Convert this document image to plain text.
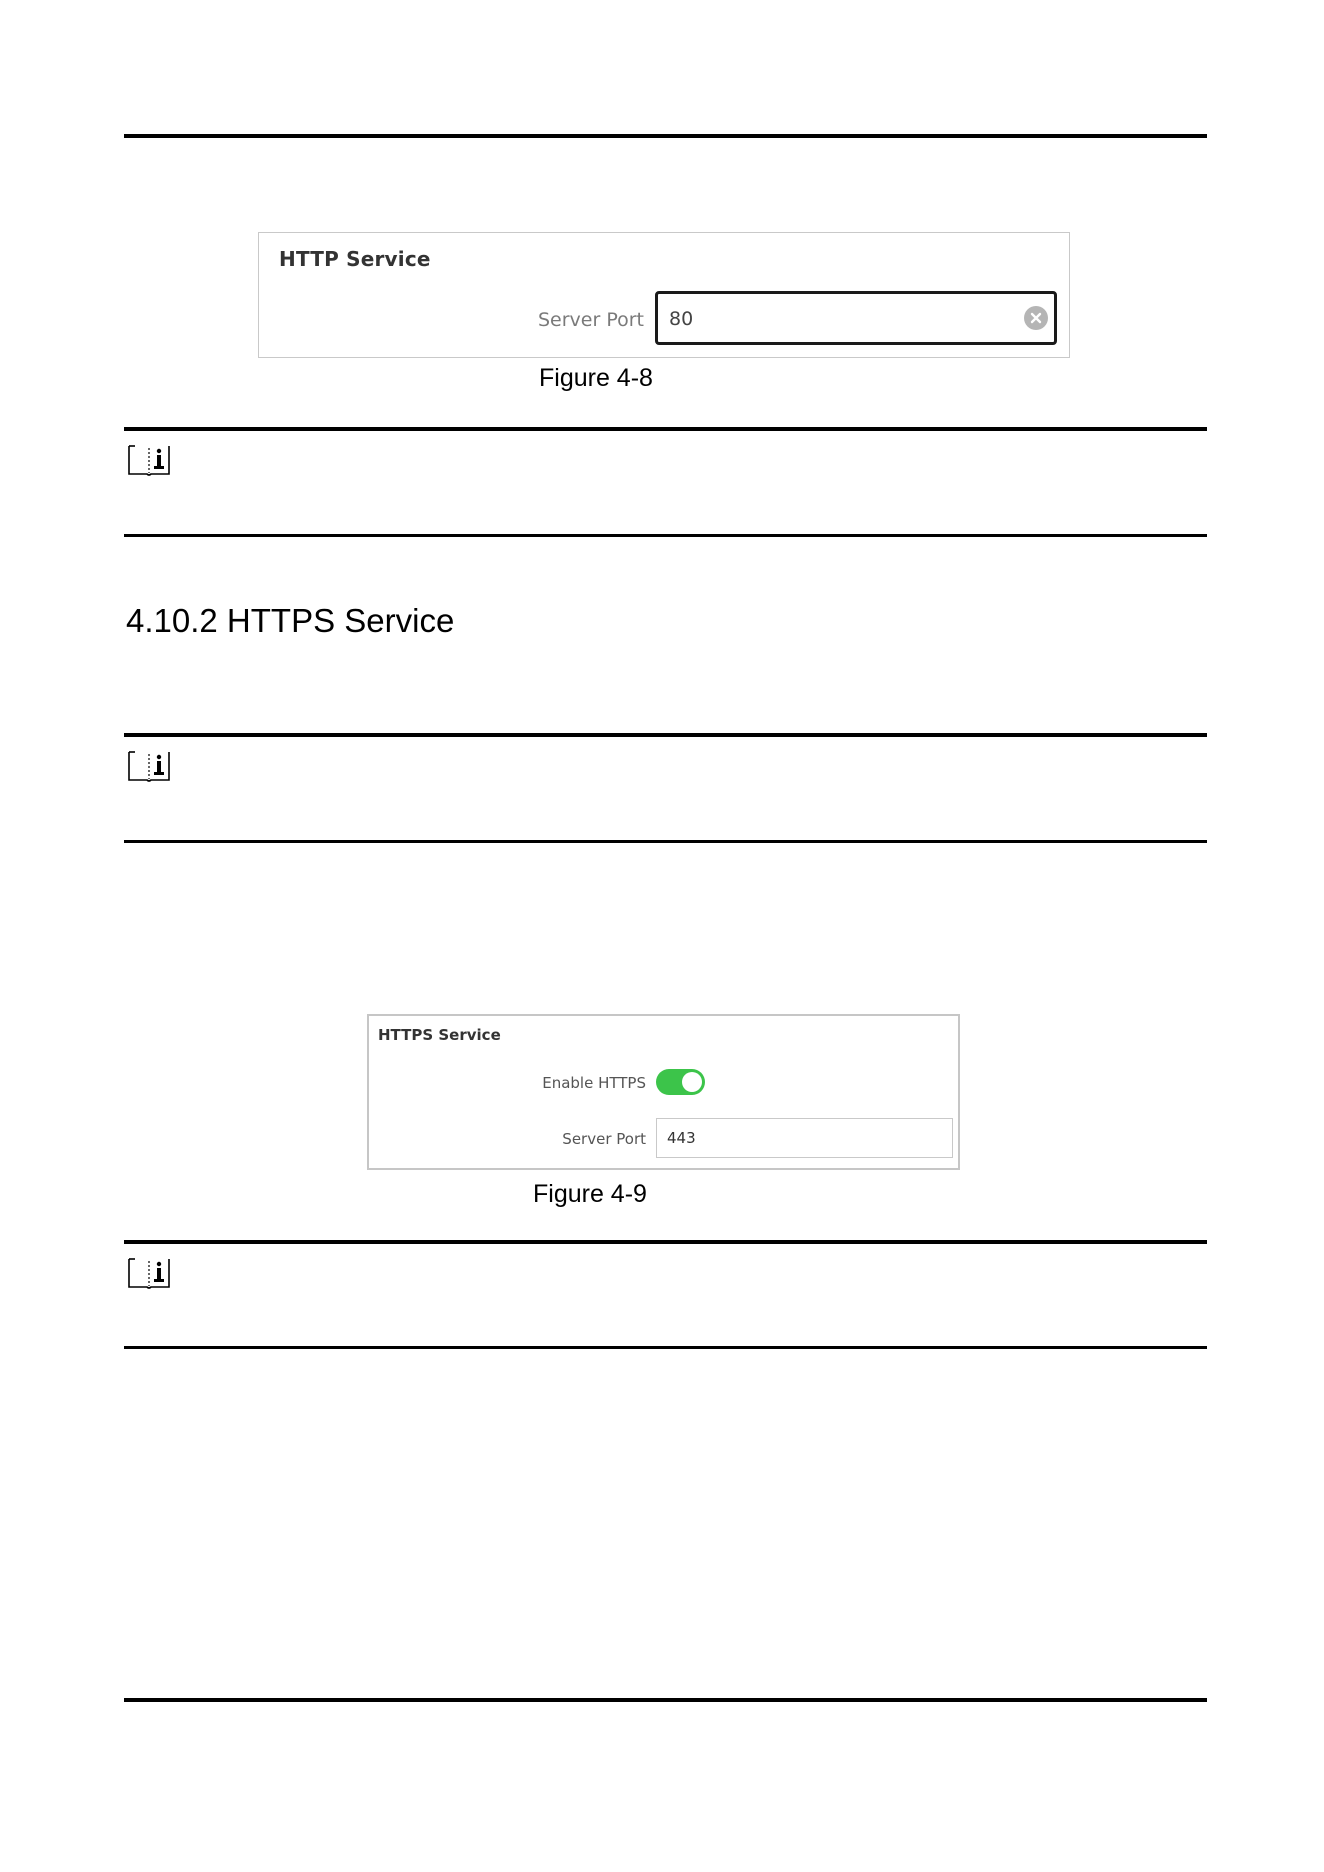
HTTP Service
Server Port 80
Figure 4-8
4.10.2 HTTPS Service
HTTPS Service
Enable HTTPS
Server Port 443
Figure 4-9
